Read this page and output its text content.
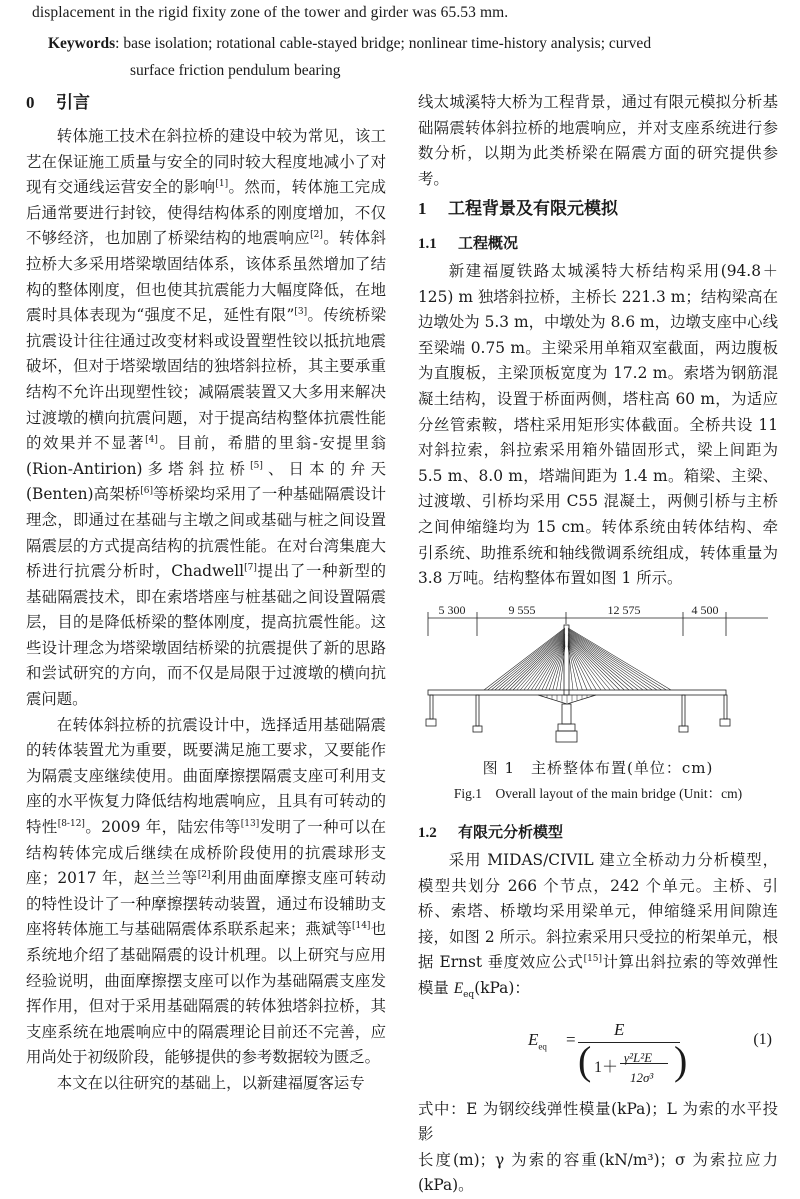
displacement in the rigid fixity zone of the tower and girder was 65.53 mm.
Keywords: base isolation; rotational cable-stayed bridge; nonlinear time-history analysis; curved
surface friction pendulum bearing
0 引言

转体施工技术在斜拉桥的建设中较为常见，该工艺在保证施工质量与安全的同时较大程度地减小了对现有交通线运营安全的影响[1]。然而，转体施工完成后通常要进行封铰，使得结构体系的刚度增加，不仅不够经济，也加剧了桥梁结构的地震响应[2]。转体斜拉桥大多采用塔梁墩固结体系，该体系虽然增加了结构的整体刚度，但也使其抗震能力大幅度降低，在地震时具体表现为“强度不足，延性有限”[3]。传统桥梁抗震设计往往通过改变材料或设置塑性铰以抵抗地震破坏，但对于塔梁墩固结的独塔斜拉桥，其主要承重结构不允许出现塑性铰；减隔震装置又大多用来解决过渡墩的横向抗震问题，对于提高结构整体抗震性能的效果并不显著[4]。目前，希腊的里翁-安提里翁(Rion-Antirion)多塔斜拉桥[5]、日本的弁天(Benten)高架桥[6]等桥梁均采用了一种基础隔震设计理念，即通过在基础与主墩之间或基础与桩之间设置隔震层的方式提高结构的抗震性能。在对台湾集鹿大桥进行抗震分析时，Chadwell[7]提出了一种新型的基础隔震技术，即在索塔塔座与桩基础之间设置隔震层，目的是降低桥梁的整体刚度，提高抗震性能。这些设计理念为塔梁墩固结桥梁的抗震提供了新的思路和尝试研究的方向，而不仅是局限于过渡墩的横向抗震问题。

在转体斜拉桥的抗震设计中，选择适用基础隔震的转体装置尤为重要，既要满足施工要求，又要能作为隔震支座继续使用。曲面摩擦摆隔震支座可利用支座的水平恢复力降低结构地震响应，且具有可转动的特性[8-12]。2009 年，陆宏伟等[13]发明了一种可以在结构转体完成后继续在成桥阶段使用的抗震球形支座；2017 年，赵兰兰等[2]利用曲面摩擦支座可转动的特性设计了一种摩擦摆转动装置，通过布设辅助支座将转体施工与基础隔震体系联系起来；燕斌等[14]也系统地介绍了基础隔震的设计机理。以上研究与应用经验说明，曲面摩擦摆支座可以作为基础隔震支座发挥作用，但对于采用基础隔震的转体独塔斜拉桥，其支座系统在地震响应中的隔震理论目前还不完善，应用尚处于初级阶段，能够提供的参考数据较为匮乏。

本文在以往研究的基础上，以新建福厦客运专

1 工程背景及有限元模拟
1.1 工程概况

新建福厦铁路太城溪特大桥结构采用(94.8＋125) m 独塔斜拉桥，主桥长 221.3 m；结构梁高在边墩处为 5.3 m，中墩处为 8.6 m，边墩支座中心线至梁端 0.75 m。主梁采用单箱双室截面，两边腹板为直腹板，主梁顶板宽度为 17.2 m。索塔为钢筋混凝土结构，设置于桥面两侧，塔柱高 60 m，为适应分丝管索鞍，塔柱采用矩形实体截面。全桥共设 11 对斜拉索，斜拉索采用箱外锚固形式，梁上间距为5.5 m、8.0 m，塔端间距为 1.4 m。箱梁、主梁、过渡墩、引桥均采用 C55 混凝土，两侧引桥与主桥之间伸缩缝均为 15 cm。转体系统由转体结构、牵引系统、助推系统和轴线微调系统组成，转体重量为 3.8 万吨。结构整体布置如图 1 所示。

5 300	9 555	12 575	4 500
图 1　主桥整体布置(单位：cm)
Fig.1　Overall layout of the main bridge (Unit：cm)
1.2 有限元分析模型

采用 MIDAS/CIVIL 建立全桥动力分析模型，模型共划分 266 个节点，242 个单元。主桥、引桥、索塔、桥墩均采用梁单元，伸缩缝采用间隙连接，如图 2 所示。斜拉索采用只受拉的桁架单元，根据 Ernst 垂度效应公式[15]计算出斜拉索的等效弹性模量 $E_{eq}(kPa)$：

$E_{eq}$ =
E
( )
1＋
γ²L²E
12σ³
(1)

式中：E 为钢绞线弹性模量(kPa)；L 为索的水平投影

长度(m)；γ 为索的容重(kN/m³)；σ 为索拉应力(kPa)。

线太城溪特大桥为工程背景，通过有限元模拟分析基础隔震转体斜拉桥的地震响应，并对支座系统进行参数分析，以期为此类桥梁在隔震方面的研究提供参考。
